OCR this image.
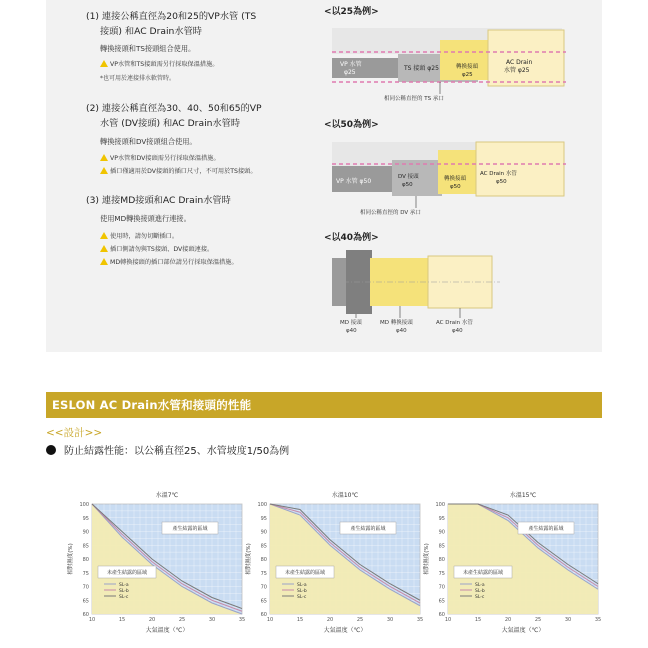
(1) 連接公稱直徑為20和25的VP水管 (TS
接頭) 和AC Drain水管時
轉換接頭和TS接頭組合使用。
VP水管和TS接頭需另行採取保溫措施。
*也可用於連接排水軟管時。
(2) 連接公稱直徑為30、40、50和65的VP
水管 (DV接頭) 和AC Drain水管時
轉換接頭和DV接頭組合使用。
VP水管和DV接頭需另行採取保溫措施。
插口僅適用於DV接頭的插口尺寸，不可用於TS接頭。
(3) 連接MD接頭和AC Drain水管時
使用MD轉換接頭進行連接。
使用時，請勿切斷插口。
插口側請勿與TS接頭、DV接頭連接。
MD轉換接頭的插口部位請另行採取保溫措施。
<以25為例>
<以50為例>
<以40為例>
VP 水管
φ25
TS 接頭 φ25	轉換接頭
φ25
AC Drain
水管 φ25
相同公稱直徑的 TS 承口
VP 水管 φ50
DV 接頭
φ50
轉換接頭
φ50
AC Drain 水管
φ50
相同公稱直徑的 DV 承口
MD 接頭
φ40
MD 轉換接頭
φ40
AC Drain 水管
φ40
ESLON AC Drain水管和接頭的性能
<<設計>>
防止結露性能：以公稱直徑25、水管坡度1/50為例
水溫7℃
60
65
70
75
80
85
90
95
100
10	15	20	25	30	35
產生結露的區域
未產生結露的區域
SL-a
SL-b
SL-c
大氣溫度（℃）
相對濕度(%)
水溫10℃
60
65
70
75
80
85
90
95
100
10	15	20	25	30	35
產生結露的區域
未產生結露的區域
SL-a
SL-b
SL-c
大氣溫度（℃）
相對濕度(%)
水溫15℃
60
65
70
75
80
85
90
95
100
10	15	20	25	30	35
產生結露的區域
未產生結露的區域
SL-a
SL-b
SL-c
大氣溫度（℃）
相對濕度(%)
